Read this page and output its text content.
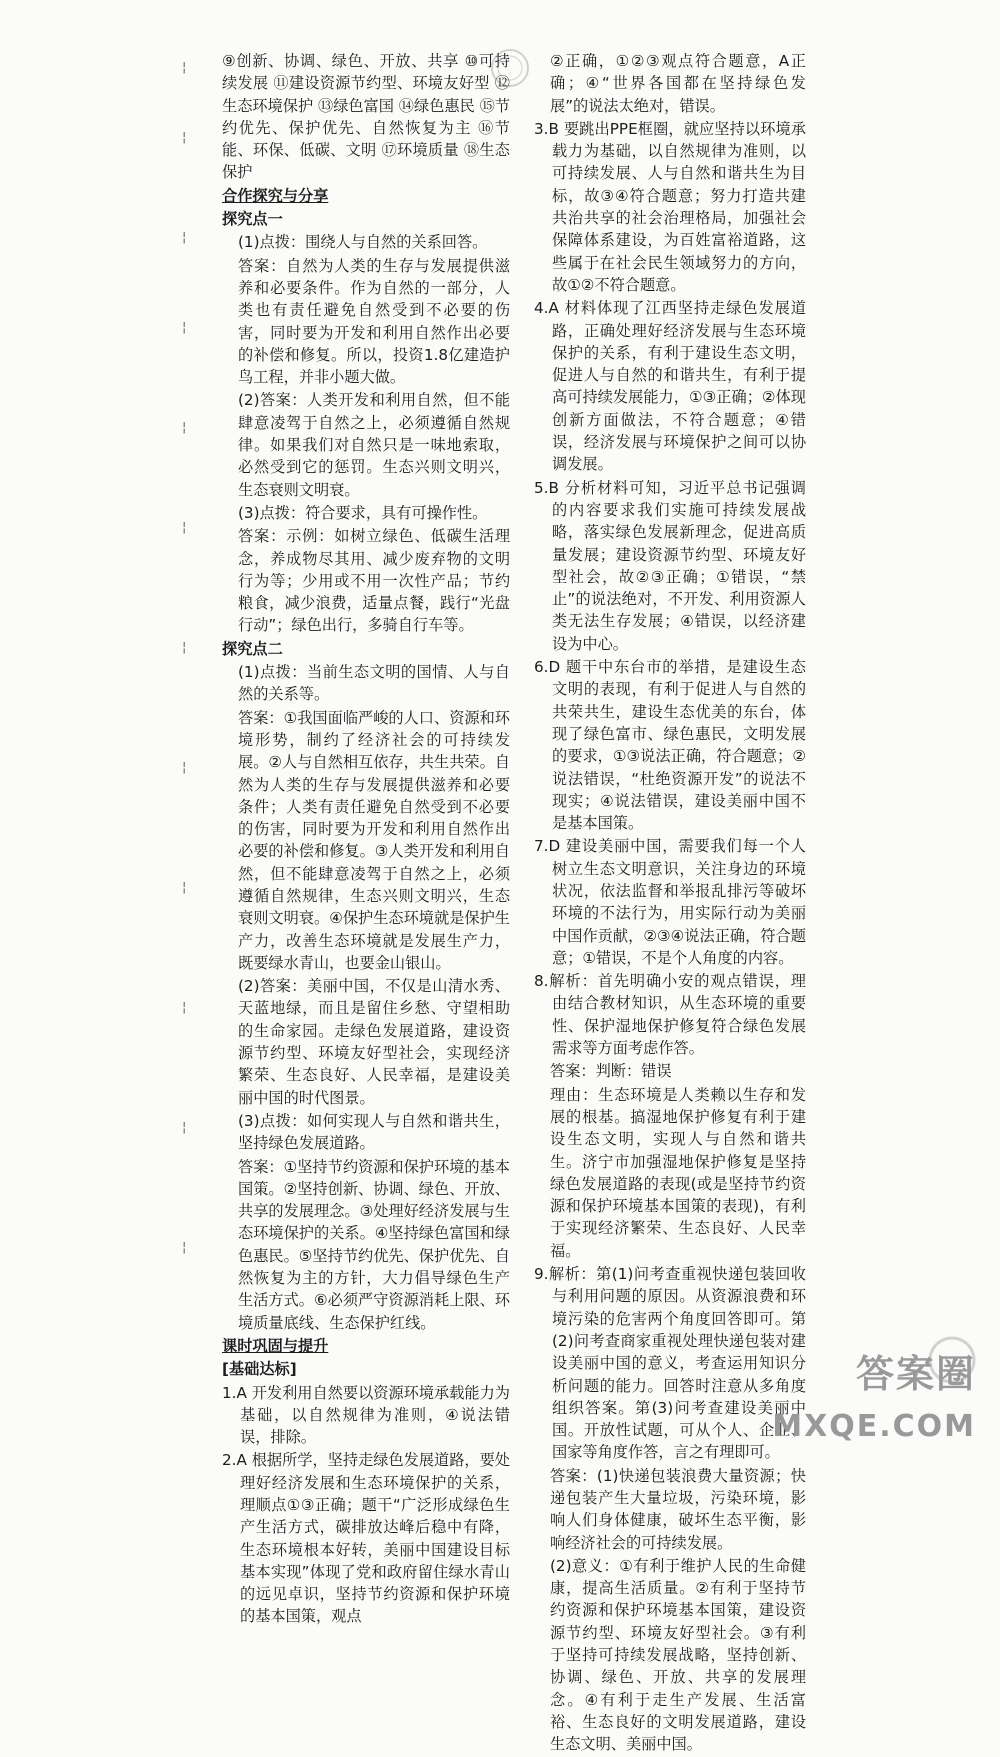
¦
¦
¦
¦
¦
¦
¦
¦
¦
¦
¦
¦

⑨创新、协调、绿色、开放、共享 ⑩可持续发展 ⑪建设资源节约型、环境友好型 ⑫生态环境保护 ⑬绿色富国 ⑭绿色惠民 ⑮节约优先、保护优先、自然恢复为主 ⑯节能、环保、低碳、文明 ⑰环境质量 ⑱生态保护

合作探究与分享

探究点一

(1)点拨：围绕人与自然的关系回答。

答案：自然为人类的生存与发展提供滋养和必要条件。作为自然的一部分，人类也有责任避免自然受到不必要的伤害，同时要为开发和利用自然作出必要的补偿和修复。所以，投资1.8亿建造护鸟工程，并非小题大做。

(2)答案：人类开发和利用自然，但不能肆意凌驾于自然之上，必须遵循自然规律。如果我们对自然只是一味地索取，必然受到它的惩罚。生态兴则文明兴，生态衰则文明衰。

(3)点拨：符合要求，具有可操作性。

答案：示例：如树立绿色、低碳生活理念，养成物尽其用、减少废弃物的文明行为等；少用或不用一次性产品；节约粮食，减少浪费，适量点餐，践行“光盘行动”；绿色出行，多骑自行车等。

探究点二

(1)点拨：当前生态文明的国情、人与自然的关系等。

答案：①我国面临严峻的人口、资源和环境形势，制约了经济社会的可持续发展。②人与自然相互依存，共生共荣。自然为人类的生存与发展提供滋养和必要条件；人类有责任避免自然受到不必要的伤害，同时要为开发和利用自然作出必要的补偿和修复。③人类开发和利用自然，但不能肆意凌驾于自然之上，必须遵循自然规律，生态兴则文明兴，生态衰则文明衰。④保护生态环境就是保护生产力，改善生态环境就是发展生产力，既要绿水青山，也要金山银山。

(2)答案：美丽中国，不仅是山清水秀、天蓝地绿，而且是留住乡愁、守望相助的生命家园。走绿色发展道路，建设资源节约型、环境友好型社会，实现经济繁荣、生态良好、人民幸福，是建设美丽中国的时代图景。

(3)点拨：如何实现人与自然和谐共生，坚持绿色发展道路。

答案：①坚持节约资源和保护环境的基本国策。②坚持创新、协调、绿色、开放、共享的发展理念。③处理好经济发展与生态环境保护的关系。④坚持绿色富国和绿色惠民。⑤坚持节约优先、保护优先、自然恢复为主的方针，大力倡导绿色生产生活方式。⑥必须严守资源消耗上限、环境质量底线、生态保护红线。

课时巩固与提升

[基础达标]

1.A 开发利用自然要以资源环境承载能力为基础，以自然规律为准则，④说法错误，排除。

2.A 根据所学，坚持走绿色发展道路，要处理好经济发展和生态环境保护的关系，理顺点①③正确；题干“广泛形成绿色生产生活方式，碳排放达峰后稳中有降，生态环境根本好转，美丽中国建设目标基本实现”体现了党和政府留住绿水青山的远见卓识，坚持节约资源和保护环境的基本国策，观点

②正确，①②③观点符合题意，A正确；④“世界各国都在坚持绿色发展”的说法太绝对，错误。

3.B 要跳出PPE框圈，就应坚持以环境承载力为基础，以自然规律为准则，以可持续发展、人与自然和谐共生为目标，故③④符合题意；努力打造共建共治共享的社会治理格局，加强社会保障体系建设，为百姓富裕道路，这些属于在社会民生领域努力的方向，故①②不符合题意。

4.A 材料体现了江西坚持走绿色发展道路，正确处理好经济发展与生态环境保护的关系，有利于建设生态文明，促进人与自然的和谐共生，有利于提高可持续发展能力，①③正确；②体现创新方面做法，不符合题意；④错误，经济发展与环境保护之间可以协调发展。

5.B 分析材料可知，习近平总书记强调的内容要求我们实施可持续发展战略，落实绿色发展新理念，促进高质量发展；建设资源节约型、环境友好型社会，故②③正确；①错误，“禁止”的说法绝对，不开发、利用资源人类无法生存发展；④错误，以经济建设为中心。

6.D 题干中东台市的举措，是建设生态文明的表现，有利于促进人与自然的共荣共生，建设生态优美的东台，体现了绿色富市、绿色惠民，文明发展的要求，①③说法正确，符合题意；②说法错误，“杜绝资源开发”的说法不现实；④说法错误，建设美丽中国不是基本国策。

7.D 建设美丽中国，需要我们每一个人树立生态文明意识，关注身边的环境状况，依法监督和举报乱排污等破坏环境的不法行为，用实际行动为美丽中国作贡献，②③④说法正确，符合题意；①错误，不是个人角度的内容。

8.解析：首先明确小安的观点错误，理由结合教材知识，从生态环境的重要性、保护湿地保护修复符合绿色发展需求等方面考虑作答。

答案：判断：错误

理由：生态环境是人类赖以生存和发展的根基。搞湿地保护修复有利于建设生态文明，实现人与自然和谐共生。济宁市加强湿地保护修复是坚持绿色发展道路的表现(或是坚持节约资源和保护环境基本国策的表现)，有利于实现经济繁荣、生态良好、人民幸福。

9.解析：第(1)问考查重视快递包装回收与利用问题的原因。从资源浪费和环境污染的危害两个角度回答即可。第(2)问考查商家重视处理快递包装对建设美丽中国的意义，考查运用知识分析问题的能力。回答时注意从多角度组织答案。第(3)问考查建设美丽中国。开放性试题，可从个人、企业、国家等角度作答，言之有理即可。

答案：(1)快递包装浪费大量资源；快递包装产生大量垃圾，污染环境，影响人们身体健康，破坏生态平衡，影响经济社会的可持续发展。

(2)意义：①有利于维护人民的生命健康，提高生活质量。②有利于坚持节约资源和保护环境基本国策，建设资源节约型、环境友好型社会。③有利于坚持可持续发展战略，坚持创新、协调、绿色、开放、共享的发展理念。④有利于走生产发展、生活富裕、生态良好的文明发展道路，建设生态文明、美丽中国。

答案圈
MXQE.COM
